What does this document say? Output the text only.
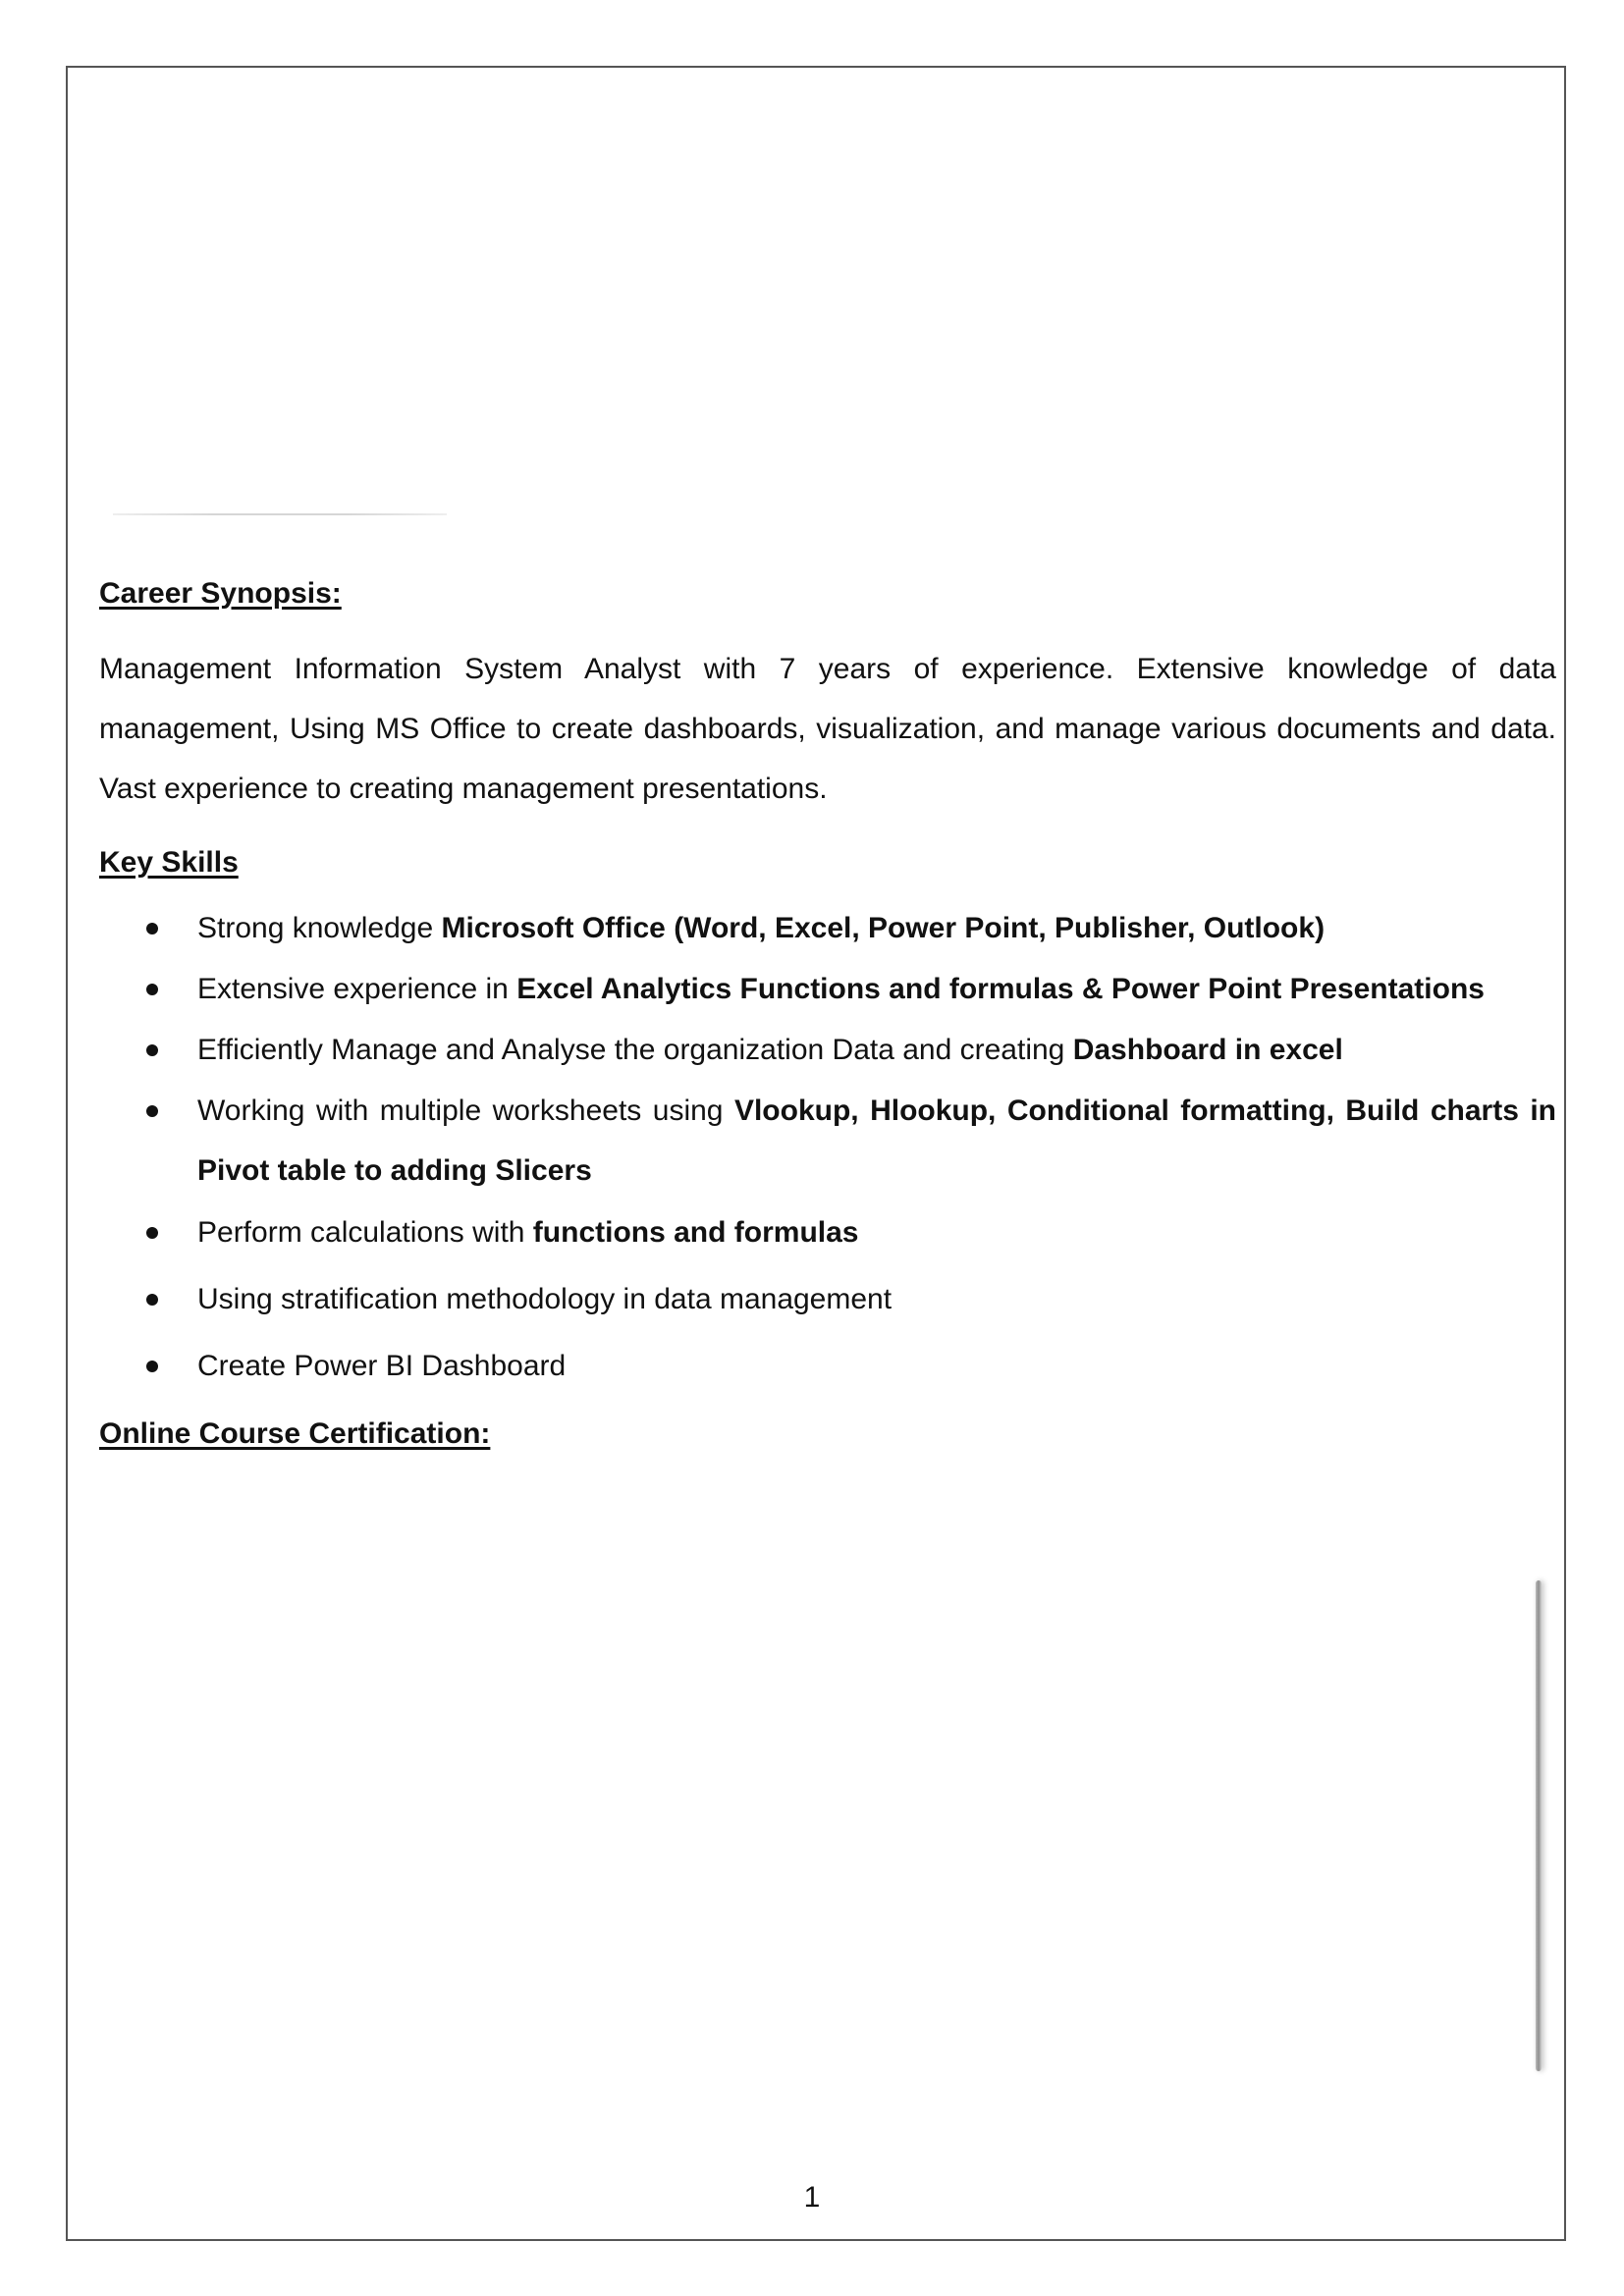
Career Synopsis:

Management Information System Analyst with 7 years of experience. Extensive knowledge of data management, Using MS Office to create dashboards, visualization, and manage various documents and data. Vast experience to creating management presentations.

Key Skills
Strong knowledge Microsoft Office (Word, Excel, Power Point, Publisher, Outlook)
Extensive experience in Excel Analytics Functions and formulas & Power Point Presentations
Efficiently Manage and Analyse the organization Data and creating Dashboard in excel
Working with multiple worksheets using Vlookup, Hlookup, Conditional formatting, Build charts in Pivot table to adding Slicers
Perform calculations with functions and formulas
Using stratification methodology in data management
Create Power BI Dashboard
Online Course Certification:
1
